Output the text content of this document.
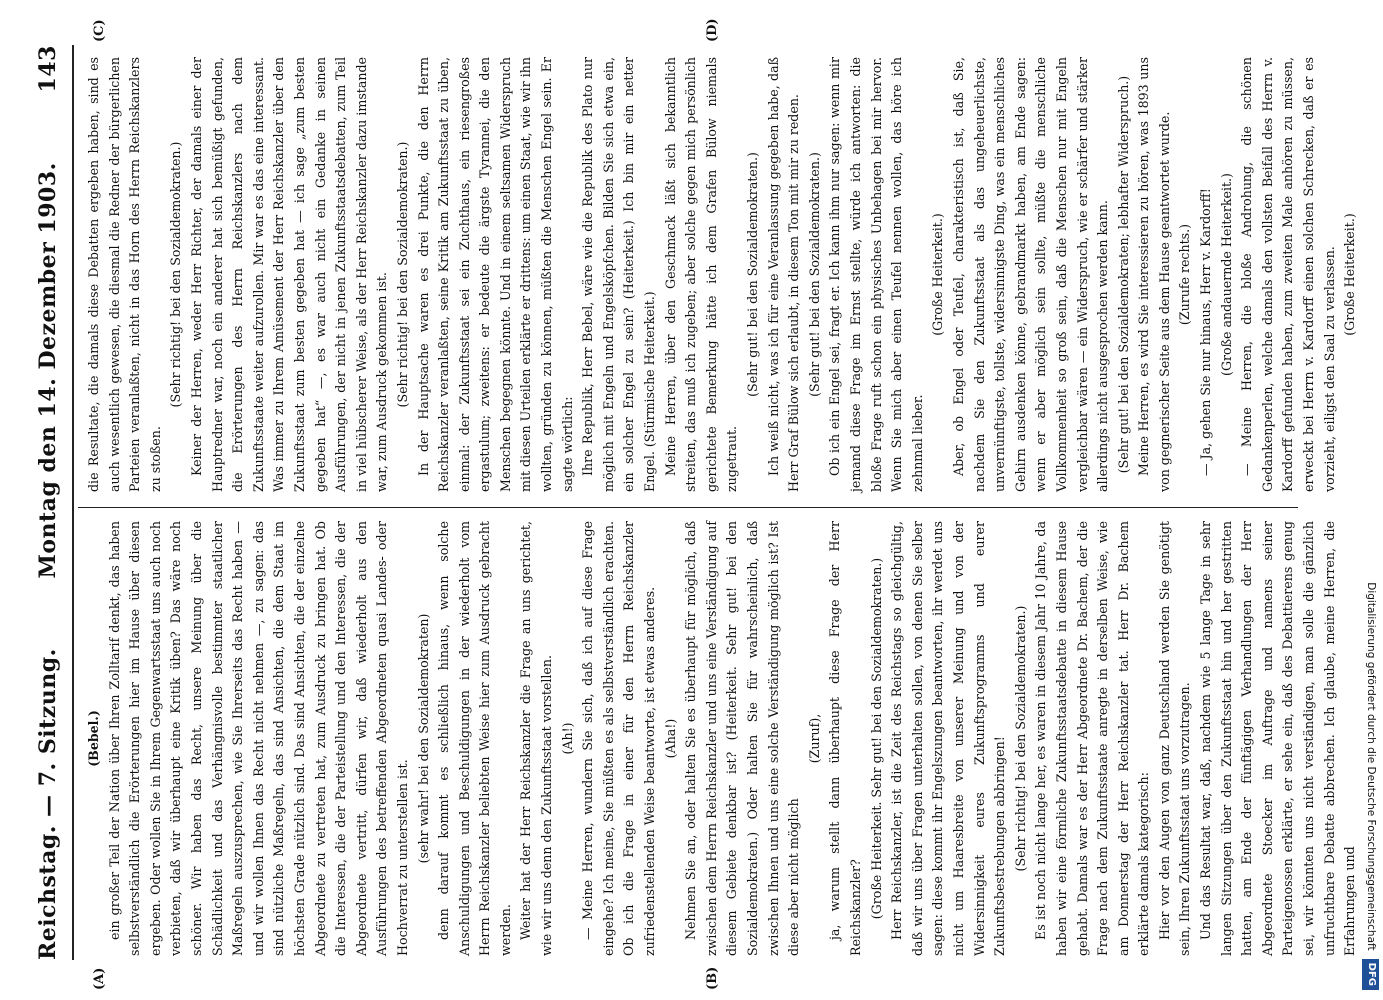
Reichstag. — 7. Sitzung.
Montag den 14. Dezember 1903.
143
(A)	(B)
(C)	(D)

(Bebel.) ein großer Teil der Nation über Ihren Zolltarif denkt, das haben selbstverständlich die Erörterungen hier im Hause über diesen ergeben. Oder wollen Sie in Ihrem Gegenwartsstaat uns auch noch verbieten, daß wir überhaupt eine Kritik üben? Das wäre noch schöner. Wir haben das Recht, unsere Meinung über die Schädlichkeit und das Verhängnisvolle bestimmter staatlicher Maßregeln auszusprechen, wie Sie Ihrerseits das Recht haben — und wir wollen Ihnen das Recht nicht nehmen —, zu sagen: das sind nützliche Maßregeln, das sind Ansichten, die dem Staat im höchsten Grade nützlich sind. Das sind Ansichten, die der einzelne Abgeordnete zu vertreten hat, zum Ausdruck zu bringen hat. Ob die Interessen, die der Parteistellung und den Interessen, die der Abgeordnete vertritt, dürfen wir, daß wiederholt aus den Ausführungen des betreffenden Abgeordneten quasi Landes- oder Hochverrat zu unterstellen ist. (sehr wahr! bei den Sozialdemokraten) denn darauf kommt es schließlich hinaus, wenn solche Anschuldigungen und Beschuldigungen in der wiederholt vom Herrn Reichskanzler beliebten Weise hier zum Ausdruck gebracht werden. Weiter hat der Herr Reichskanzler die Frage an uns gerichtet, wie wir uns denn den Zukunftsstaat vorstellen. (Ah!) — Meine Herren, wundern Sie sich, daß ich auf diese Frage eingehe? Ich meine, Sie müßten es als selbstverständlich erachten. Ob ich die Frage in einer für den Herrn Reichskanzler zufriedenstellenden Weise beantworte, ist etwas anderes. (Aha!) Nehmen Sie an, oder halten Sie es überhaupt für möglich, daß zwischen dem Herrn Reichskanzler und uns eine Verständigung auf diesem Gebiete denkbar ist? (Heiterkeit. Sehr gut! bei den Sozialdemokraten.) Oder halten Sie für wahrscheinlich, daß zwischen Ihnen und uns eine solche Verständigung möglich ist? Ist diese aber nicht möglich

(Zuruf), ja, warum stellt dann überhaupt diese Frage der Herr Reichskanzler? (Große Heiterkeit. Sehr gut! bei den Sozialdemokraten.) Herr Reichskanzler, ist die Zeit des Reichstags so gleichgültig, daß wir uns über Fragen unterhalten sollen, von denen Sie selber sagen: diese kommt ihr Engelszungen beantworten, ihr werdet uns nicht um Haaresbreite von unserer Meinung und von der Widersinnigkeit eures Zukunftsprogramms und eurer Zukunftsbestrebungen abbringen! (Sehr richtig! bei den Sozialdemokraten.) Es ist noch nicht lange her, es waren in diesem Jahr 10 Jahre, da haben wir eine förmliche Zukunftsstaatsdebatte in diesem Hause gehabt. Damals war es der Herr Abgeordnete Dr. Bachem, der die Frage nach dem Zukunftsstaate anregte in derselben Weise, wie am Donnerstag der Herr Reichskanzler tat. Herr Dr. Bachem erklärte damals kategorisch: Hier vor den Augen von ganz Deutschland werden Sie genötigt sein, Ihren Zukunftsstaat uns vorzutragen. Und das Resultat war, daß, nachdem wie 5 lange Tage in sehr langen Sitzungen über den Zukunftsstaat hin und her gestritten hatten, am Ende der fünftägigen Verhandlungen der Herr Abgeordnete Stoecker im Auftrage und namens seiner Parteigenossen erklärte, er sehe ein, daß des Debattierens genug sei, wir könnten uns nicht verständigen, man solle die gänzlich unfruchtbare Debatte abbrechen. Ich glaube, meine Herren, die Erfahrungen und

die Resultate, die damals diese Debatten ergeben haben, sind es auch wesentlich gewesen, die diesmal die Redner der bürgerlichen Parteien veranlaßten, nicht in das Horn des Herrn Reichskanzlers zu stoßen.

(Sehr richtig! bei den Sozialdemokraten.) Keiner der Herren, weder Herr Richter, der damals einer der Hauptredner war, noch ein anderer hat sich bemüßigt gefunden, die Erörterungen des Herrn Reichskanzlers nach dem Zukunftsstaate weiter aufzurollen. Mir war es das eine interessant. Was immer zu Ihrem Amüsement der Herr Reichskanzler über den Zukunftsstaat zum besten gegeben hat — ich sage „zum besten gegeben hat“ —, es war auch nicht ein Gedanke in seinen Ausführungen, der nicht in jenen Zukunftsstaatsdebatten, zum Teil in viel hübscherer Weise, als der Herr Reichskanzler dazu imstande war, zum Ausdruck gekommen ist. (Sehr richtig! bei den Sozialdemokraten.) In der Hauptsache waren es drei Punkte, die den Herrn Reichskanzler veranlaßten, seine Kritik am Zukunftsstaat zu üben, einmal: der Zukunftsstaat sei ein Zuchthaus, ein riesengroßes ergastulum; zweitens: er bedeute die ärgste Tyrannei, die den Menschen begegnen könnte. Und in einem seltsamen Widerspruch mit diesen Urteilen erklärte er drittens: um einen Staat, wie wir ihn wollten, gründen zu können, müßten die Menschen Engel sein. Er sagte wörtlich: Ihre Republik, Herr Bebel, wäre wie die Republik des Plato nur möglich mit Engeln und Engelsköpfchen. Bilden Sie sich etwa ein, ein solcher Engel zu sein? (Heiterkeit.) Ich bin mir ein netter Engel. (Stürmische Heiterkeit.) Meine Herren, über den Geschmack läßt sich bekanntlich streiten, das muß ich zugeben; aber solche gegen mich persönlich gerichtete Bemerkung hätte ich dem Grafen Bülow niemals zugetraut.

(Sehr gut! bei den Sozialdemokraten.) Ich weiß nicht, was ich für eine Veranlassung gegeben habe, daß Herr Graf Bülow sich erlaubt, in diesem Ton mit mir zu reden. (Sehr gut! bei den Sozialdemokraten.) Ob ich ein Engel sei, fragt er. Ich kann ihm nur sagen: wenn mir jemand diese Frage im Ernst stellte, würde ich antworten: die bloße Frage ruft schon ein physisches Unbehagen bei mir hervor. Wenn Sie mich aber einen Teufel nennen wollen, das höre ich zehnmal lieber.

(Große Heiterkeit.) Aber, ob Engel oder Teufel, charakteristisch ist, daß Sie, nachdem Sie den Zukunftsstaat als das ungeheuerlichste, unvernünftigste, tollste, widersinnigste Ding, was ein menschliches Gehirn ausdenken könne, gebrandmarkt haben, am Ende sagen: wenn er aber möglich sein sollte, müßte die menschliche Vollkommenheit so groß sein, daß die Menschen nur mit Engeln vergleichbar wären — ein Widerspruch, wie er schärfer und stärker allerdings nicht ausgesprochen werden kann. (Sehr gut! bei den Sozialdemokraten; lebhafter Widerspruch.) Meine Herren, es wird Sie interessieren zu hören, was 1893 uns von gegnerischer Seite aus dem Hause geantwortet wurde. (Zurufe rechts.) — Ja, gehen Sie nur hinaus, Herr v. Kardorff! (Große andauernde Heiterkeit.) — Meine Herren, die bloße Androhung, die schönen Gedankenperlen, welche damals den vollsten Beifall des Herrn v. Kardorff gefunden haben, zum zweiten Male anhören zu müssen, erweckt bei Herrn v. Kardorff einen solchen Schrecken, daß er es vorzieht, eiligst den Saal zu verlassen. (Große Heiterkeit.)

Digitalisierung gefördert durch die Deutsche Forschungsgemeinschaft
DFG
